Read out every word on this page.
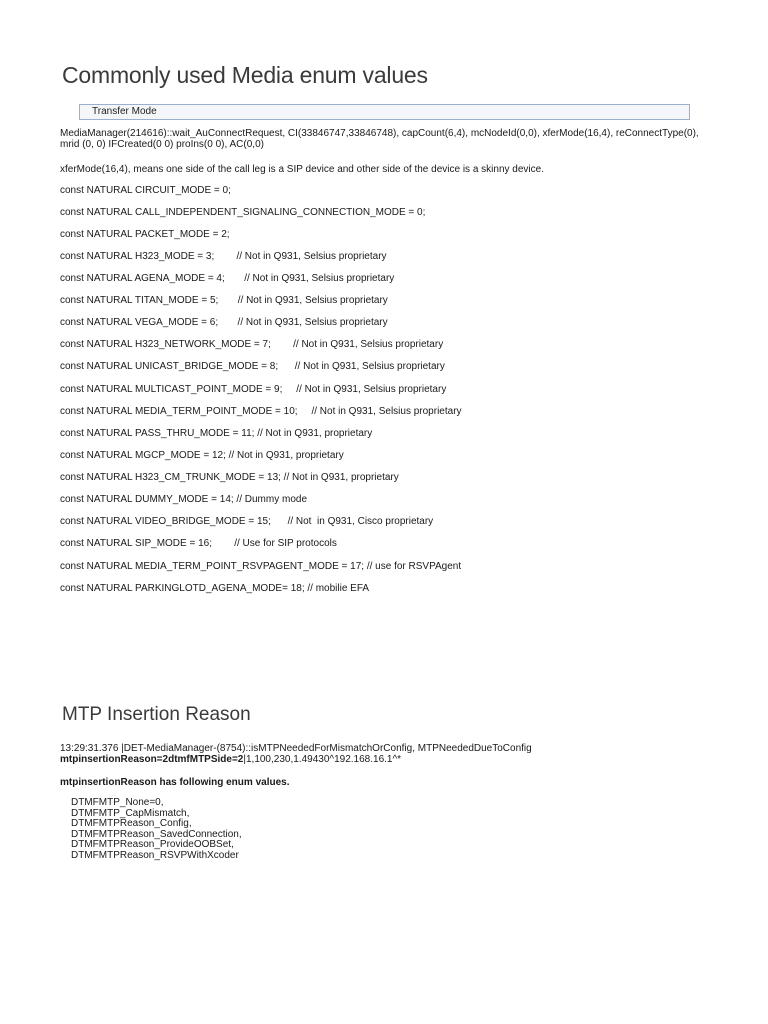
Commonly used Media enum values
Transfer Mode

MediaManager(214616)::wait_AuConnectRequest, CI(33846747,33846748), capCount(6,4), mcNodeId(0,0), xferMode(16,4), reConnectType(0), mrid (0, 0) IFCreated(0 0) proIns(0 0), AC(0,0)

xferMode(16,4), means one side of the call leg is a SIP device and other side of the device is a skinny device.

const NATURAL CIRCUIT_MODE = 0;

const NATURAL CALL_INDEPENDENT_SIGNALING_CONNECTION_MODE = 0;

const NATURAL PACKET_MODE = 2;

const NATURAL H323_MODE = 3;        // Not in Q931, Selsius proprietary

const NATURAL AGENA_MODE = 4;       // Not in Q931, Selsius proprietary

const NATURAL TITAN_MODE = 5;       // Not in Q931, Selsius proprietary

const NATURAL VEGA_MODE = 6;       // Not in Q931, Selsius proprietary

const NATURAL H323_NETWORK_MODE = 7;        // Not in Q931, Selsius proprietary

const NATURAL UNICAST_BRIDGE_MODE = 8;      // Not in Q931, Selsius proprietary

const NATURAL MULTICAST_POINT_MODE = 9;     // Not in Q931, Selsius proprietary

const NATURAL MEDIA_TERM_POINT_MODE = 10;     // Not in Q931, Selsius proprietary

const NATURAL PASS_THRU_MODE = 11; // Not in Q931, proprietary

const NATURAL MGCP_MODE = 12; // Not in Q931, proprietary

const NATURAL H323_CM_TRUNK_MODE = 13; // Not in Q931, proprietary

const NATURAL DUMMY_MODE = 14; // Dummy mode

const NATURAL VIDEO_BRIDGE_MODE = 15;      // Not  in Q931, Cisco proprietary

const NATURAL SIP_MODE = 16;        // Use for SIP protocols

const NATURAL MEDIA_TERM_POINT_RSVPAGENT_MODE = 17; // use for RSVPAgent

const NATURAL PARKINGLOTD_AGENA_MODE= 18; // mobilie EFA

MTP Insertion Reason

13:29:31.376 |DET-MediaManager-(8754)::isMTPNeededForMismatchOrConfig, MTPNeededDueToConfig mtpinsertionReason=2dtmfMTPSide=2|1,100,230,1.49430^192.168.16.1^*

mtpinsertionReason has following enum values.

DTMFMTP_None=0,
DTMFMTP_CapMismatch,
DTMFMTPReason_Config,
DTMFMTPReason_SavedConnection,
DTMFMTPReason_ProvideOOBSet,
DTMFMTPReason_RSVPWithXcoder
